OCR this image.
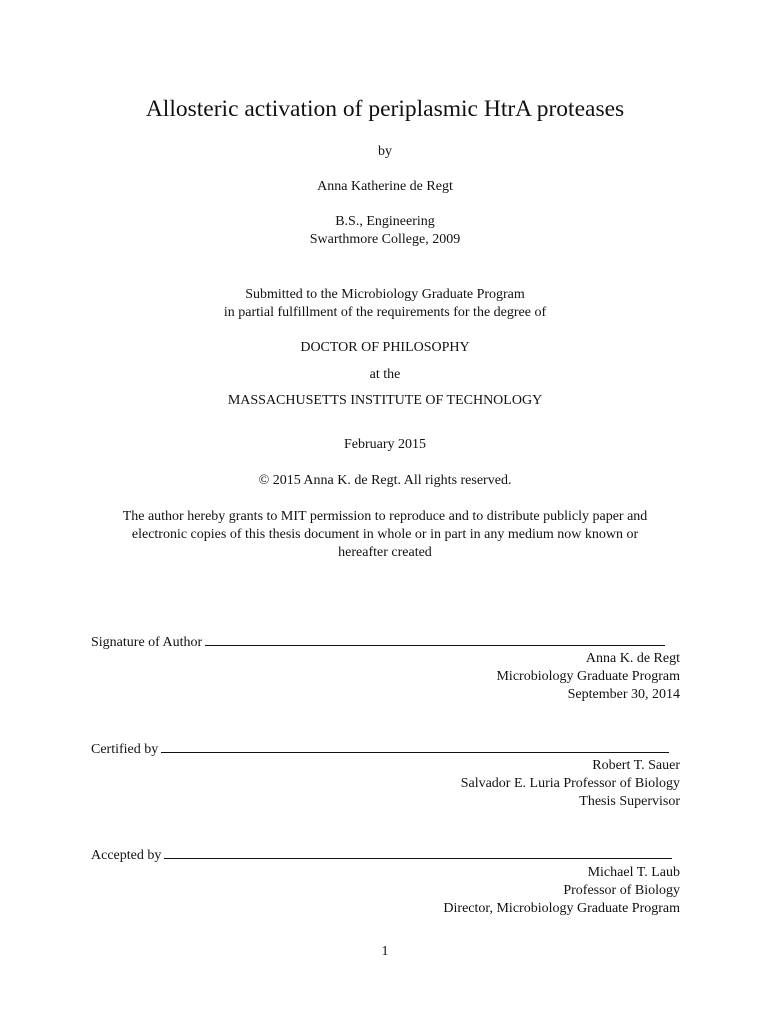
Allosteric activation of periplasmic HtrA proteases
by
Anna Katherine de Regt
B.S., Engineering
Swarthmore College, 2009
Submitted to the Microbiology Graduate Program
in partial fulfillment of the requirements for the degree of
DOCTOR OF PHILOSOPHY
at the
MASSACHUSETTS INSTITUTE OF TECHNOLOGY
February 2015
© 2015 Anna K. de Regt. All rights reserved.
The author hereby grants to MIT permission to reproduce and to distribute publicly paper and
electronic copies of this thesis document in whole or in part in any medium now known or
hereafter created
Signature of Author
Anna K. de Regt
Microbiology Graduate Program
September 30, 2014
Certified by
Robert T. Sauer
Salvador E. Luria Professor of Biology
Thesis Supervisor
Accepted by
Michael T. Laub
Professor of Biology
Director, Microbiology Graduate Program
1
